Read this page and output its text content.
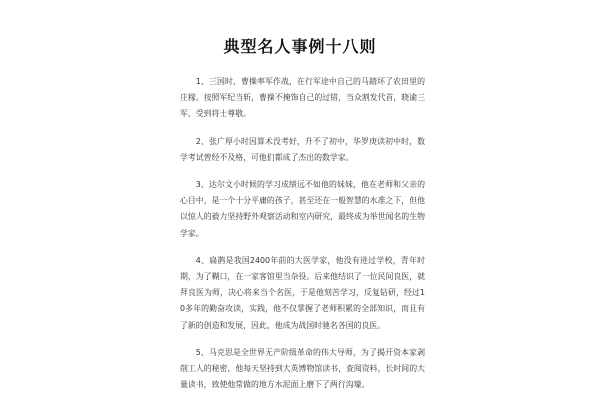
典型名人事例十八则

1、三国时，曹操率军作战，在行军途中自己的马踏坏了农田里的庄稼。按照军纪当斩，曹操不掩饰自己的过错，当众割发代首，晓谕三军，受到将士尊敬。

2、张广厚小时因算术没考好，升不了初中，华罗庚读初中时，数学考试曾经不及格，可他们都成了杰出的数学家。

3、达尔文小时候的学习成绩远不如他的妹妹，他在老师和父亲的心目中，是一个十分平庸的孩子，甚至还在一般智慧的水准之下，但他以惊人的毅力坚持野外观察活动和室内研究，最终成为举世闻名的生物学家。

4、扁鹊是我国2400年前的大医学家，他没有进过学校，青年时期，为了糊口，在一家客馆里当杂役。后来他结识了一位民间良医，就拜良医为师，决心将来当个名医，于是他刻苦学习，反复钻研，经过10多年的勤奋攻读，实践，他不仅掌握了老师积累的全部知识，而且有了新的创造和发展，因此，他成为战国时驰名各国的良医。

5、马克思是全世界无产阶级革命的伟大导师，为了揭开资本家剥削工人的秘密，他每天坚持到大英博物馆读书，查阅资料，长时间的大量读书，致使他常做的地方水泥面上磨下了两行沟壕。
